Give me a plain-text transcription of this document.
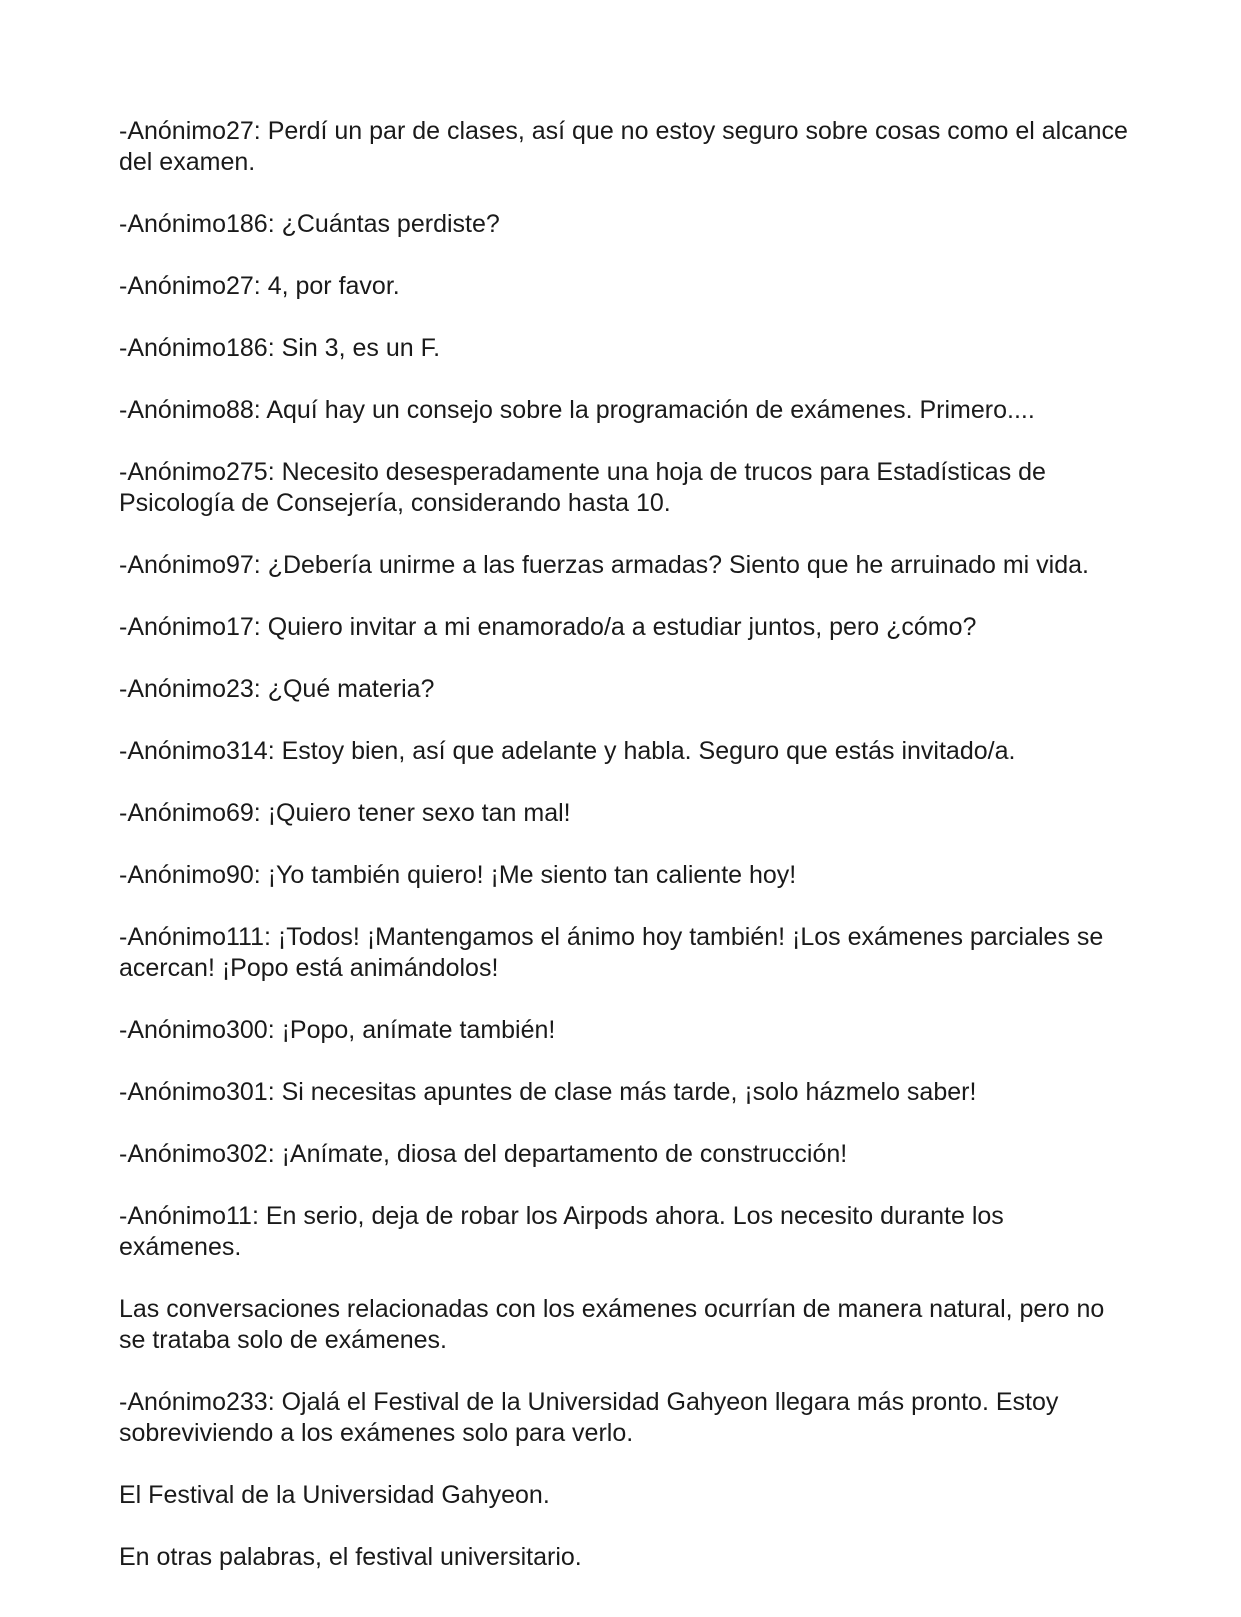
-Anónimo27: Perdí un par de clases, así que no estoy seguro sobre cosas como el alcance del examen.

-Anónimo186: ¿Cuántas perdiste?

-Anónimo27: 4, por favor.

-Anónimo186: Sin 3, es un F.

-Anónimo88: Aquí hay un consejo sobre la programación de exámenes. Primero....

-Anónimo275: Necesito desesperadamente una hoja de trucos para Estadísticas de Psicología de Consejería, considerando hasta 10.

-Anónimo97: ¿Debería unirme a las fuerzas armadas? Siento que he arruinado mi vida.

-Anónimo17: Quiero invitar a mi enamorado/a a estudiar juntos, pero ¿cómo?

-Anónimo23: ¿Qué materia?

-Anónimo314: Estoy bien, así que adelante y habla. Seguro que estás invitado/a.

-Anónimo69: ¡Quiero tener sexo tan mal!

-Anónimo90: ¡Yo también quiero! ¡Me siento tan caliente hoy!

-Anónimo111: ¡Todos! ¡Mantengamos el ánimo hoy también! ¡Los exámenes parciales se acercan! ¡Popo está animándolos!

-Anónimo300: ¡Popo, anímate también!

-Anónimo301: Si necesitas apuntes de clase más tarde, ¡solo házmelo saber!

-Anónimo302: ¡Anímate, diosa del departamento de construcción!

-Anónimo11: En serio, deja de robar los Airpods ahora. Los necesito durante los exámenes.

Las conversaciones relacionadas con los exámenes ocurrían de manera natural, pero no se trataba solo de exámenes.

-Anónimo233: Ojalá el Festival de la Universidad Gahyeon llegara más pronto. Estoy sobreviviendo a los exámenes solo para verlo.

El Festival de la Universidad Gahyeon.

En otras palabras, el festival universitario.
